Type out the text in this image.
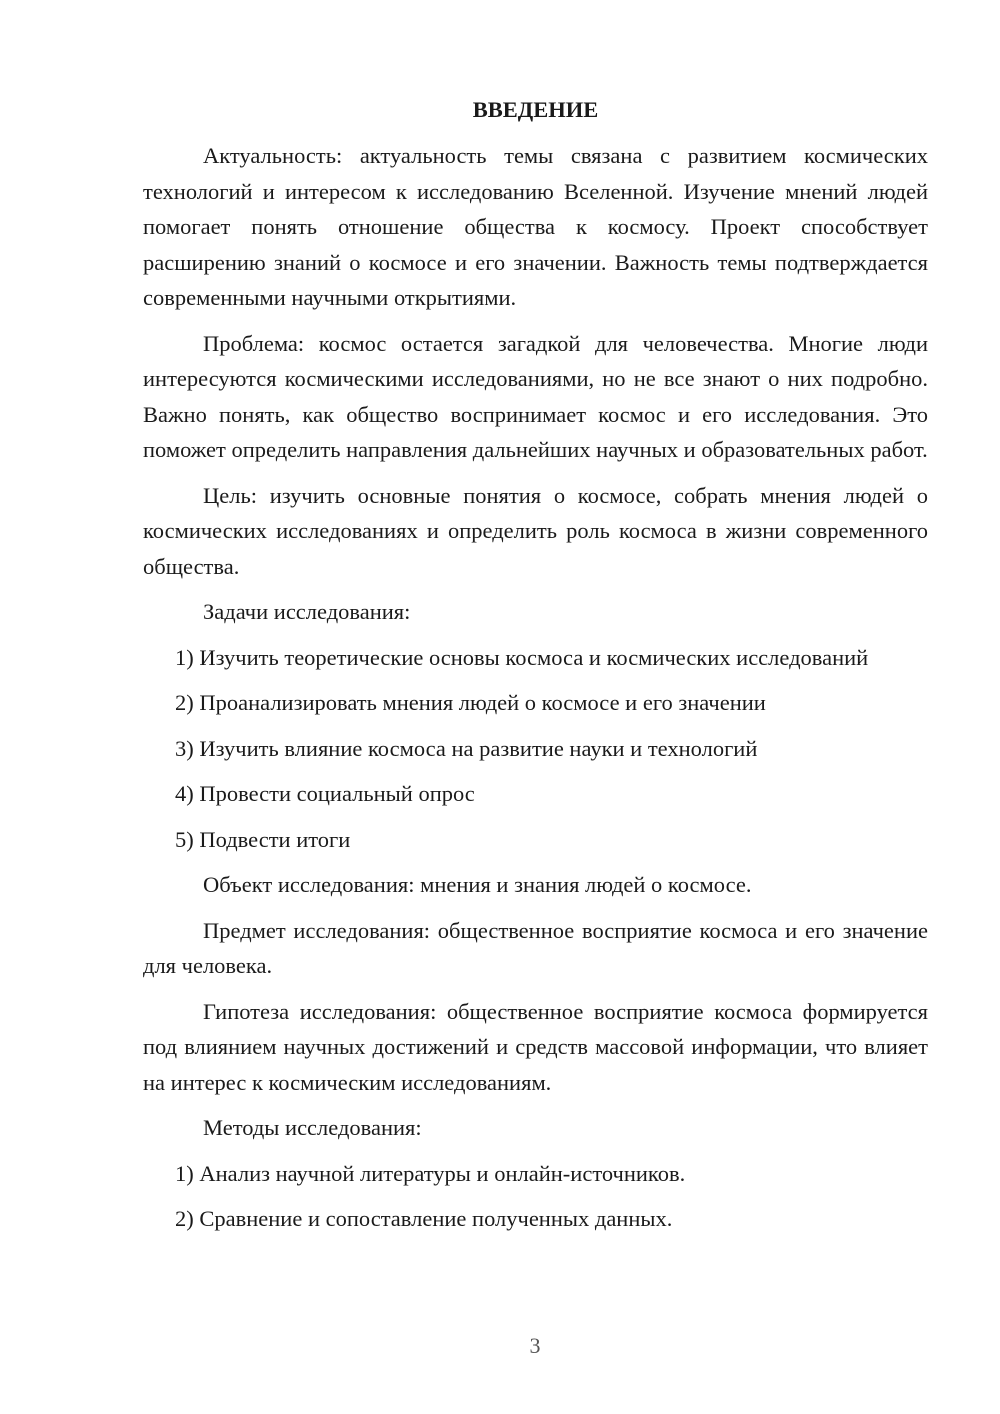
ВВЕДЕНИЕ

Актуальность: актуальность темы связана с развитием космических технологий и интересом к исследованию Вселенной. Изучение мнений людей помогает понять отношение общества к космосу. Проект способствует расширению знаний о космосе и его значении. Важность темы подтверждается современными научными открытиями.

Проблема: космос остается загадкой для человечества. Многие люди интересуются космическими исследованиями, но не все знают о них подробно. Важно понять, как общество воспринимает космос и его исследования. Это поможет определить направления дальнейших научных и образовательных работ.

Цель: изучить основные понятия о космосе, собрать мнения людей о космических исследованиях и определить роль космоса в жизни современного общества.

Задачи исследования:

1) Изучить теоретические основы космоса и космических исследований

2) Проанализировать мнения людей о космосе и его значении

3) Изучить влияние космоса на развитие науки и технологий

4) Провести социальный опрос

5) Подвести итоги

Объект исследования: мнения и знания людей о космосе.

Предмет исследования: общественное восприятие космоса и его значение для человека.

Гипотеза исследования: общественное восприятие космоса формируется под влиянием научных достижений и средств массовой информации, что влияет на интерес к космическим исследованиям.

Методы исследования:

1) Анализ научной литературы и онлайн-источников.

2) Сравнение и сопоставление полученных данных.

3
